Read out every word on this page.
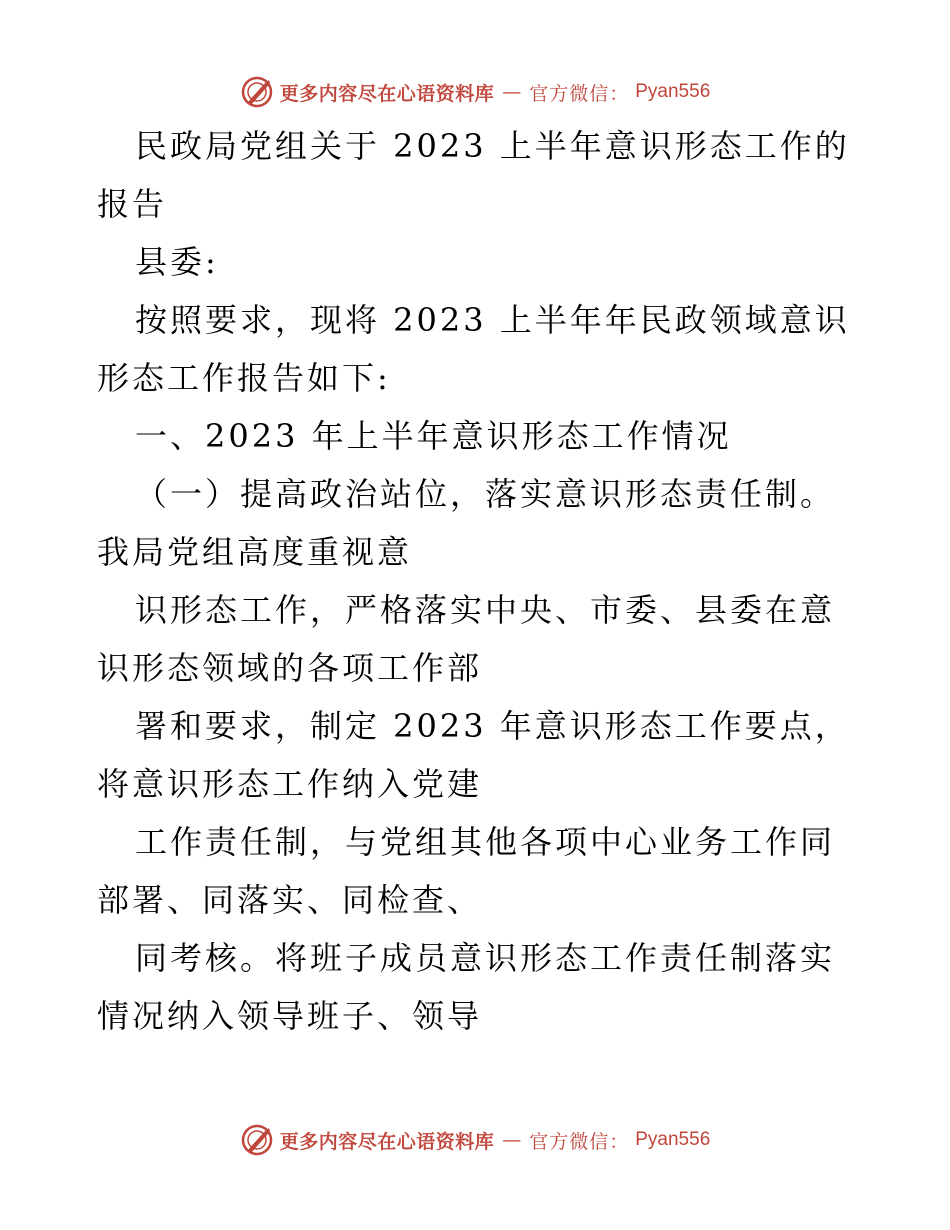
更多内容尽在心语资料库 — 官方微信： Pyan556

民政局党组关于 2023 上半年意识形态工作的报告

县委:

按照要求，现将 2023 上半年年民政领域意识形态工作报告如下:

一、2023 年上半年意识形态工作情况

（一）提高政治站位，落实意识形态责任制。我局党组高度重视意

识形态工作，严格落实中央、市委、县委在意识形态领域的各项工作部

署和要求，制定 2023 年意识形态工作要点，将意识形态工作纳入党建

工作责任制，与党组其他各项中心业务工作同部署、同落实、同检查、

同考核。将班子成员意识形态工作责任制落实情况纳入领导班子、领导

更多内容尽在心语资料库 — 官方微信： Pyan556
